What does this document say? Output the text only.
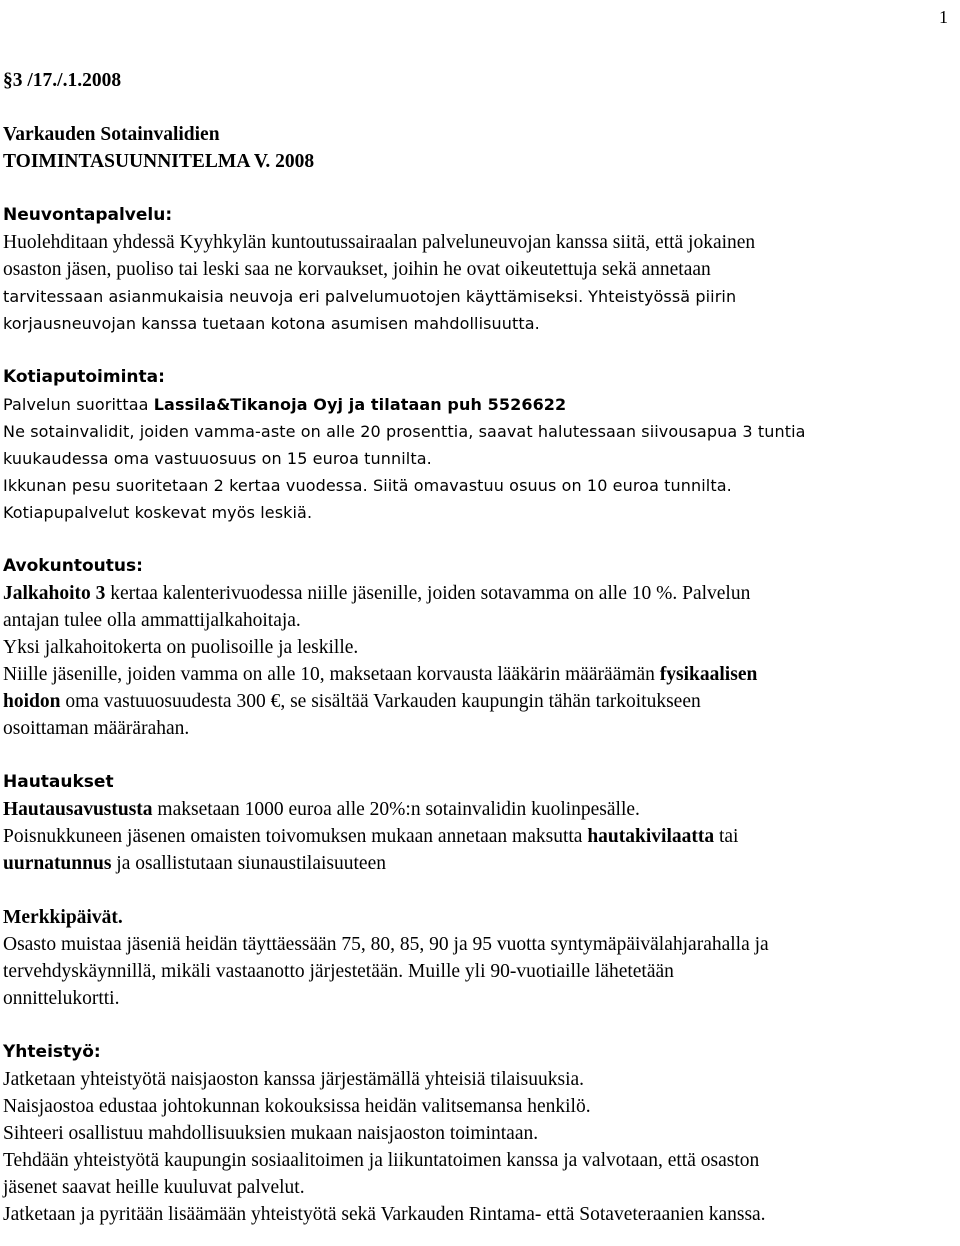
1

§3 /17./.1.2008

Varkauden Sotainvalidien

TOIMINTASUUNNITELMA V. 2008

Neuvontapalvelu:

Huolehditaan yhdessä Kyyhkylän kuntoutussairaalan palveluneuvojan kanssa siitä, että jokainen

osaston jäsen, puoliso tai leski saa ne korvaukset, joihin he ovat oikeutettuja sekä annetaan

tarvitessaan asianmukaisia neuvoja eri palvelumuotojen käyttämiseksi. Yhteistyössä piirin

korjausneuvojan kanssa tuetaan kotona asumisen mahdollisuutta.

Kotiaputoiminta:

Palvelun suorittaa Lassila&Tikanoja Oyj ja tilataan puh 5526622

Ne sotainvalidit, joiden vamma-aste on alle 20 prosenttia, saavat halutessaan siivousapua 3 tuntia

kuukaudessa oma vastuuosuus on 15 euroa tunnilta.

Ikkunan pesu suoritetaan 2 kertaa vuodessa. Siitä omavastuu osuus on 10 euroa tunnilta.

Kotiapupalvelut koskevat myös leskiä.

Avokuntoutus:

Jalkahoito 3 kertaa kalenterivuodessa niille jäsenille, joiden sotavamma on alle 10 %. Palvelun

antajan tulee olla ammattijalkahoitaja.

Yksi jalkahoitokerta on puolisoille ja leskille.

Niille jäsenille, joiden vamma on alle 10, maksetaan korvausta lääkärin määräämän fysikaalisen

hoidon oma vastuuosuudesta 300 €, se sisältää Varkauden kaupungin tähän tarkoitukseen

osoittaman määrärahan.

Hautaukset

Hautausavustusta maksetaan 1000 euroa alle 20%:n sotainvalidin kuolinpesälle.

Poisnukkuneen jäsenen omaisten toivomuksen mukaan annetaan maksutta hautakivilaatta tai

uurnatunnus ja osallistutaan siunaustilaisuuteen

Merkkipäivät.

Osasto muistaa jäseniä heidän täyttäessään 75, 80, 85, 90 ja 95 vuotta syntymäpäivälahjarahalla ja

tervehdyskäynnillä, mikäli vastaanotto järjestetään. Muille yli 90-vuotiaille lähetetään

onnittelukortti.

Yhteistyö:

Jatketaan yhteistyötä naisjaoston kanssa järjestämällä yhteisiä tilaisuuksia.

Naisjaostoa edustaa johtokunnan kokouksissa heidän valitsemansa henkilö.

Sihteeri osallistuu mahdollisuuksien mukaan naisjaoston toimintaan.

Tehdään yhteistyötä kaupungin sosiaalitoimen ja liikuntatoimen kanssa ja valvotaan, että osaston

jäsenet saavat heille kuuluvat palvelut.

Jatketaan ja pyritään lisäämään yhteistyötä sekä Varkauden Rintama- että Sotaveteraanien kanssa.
